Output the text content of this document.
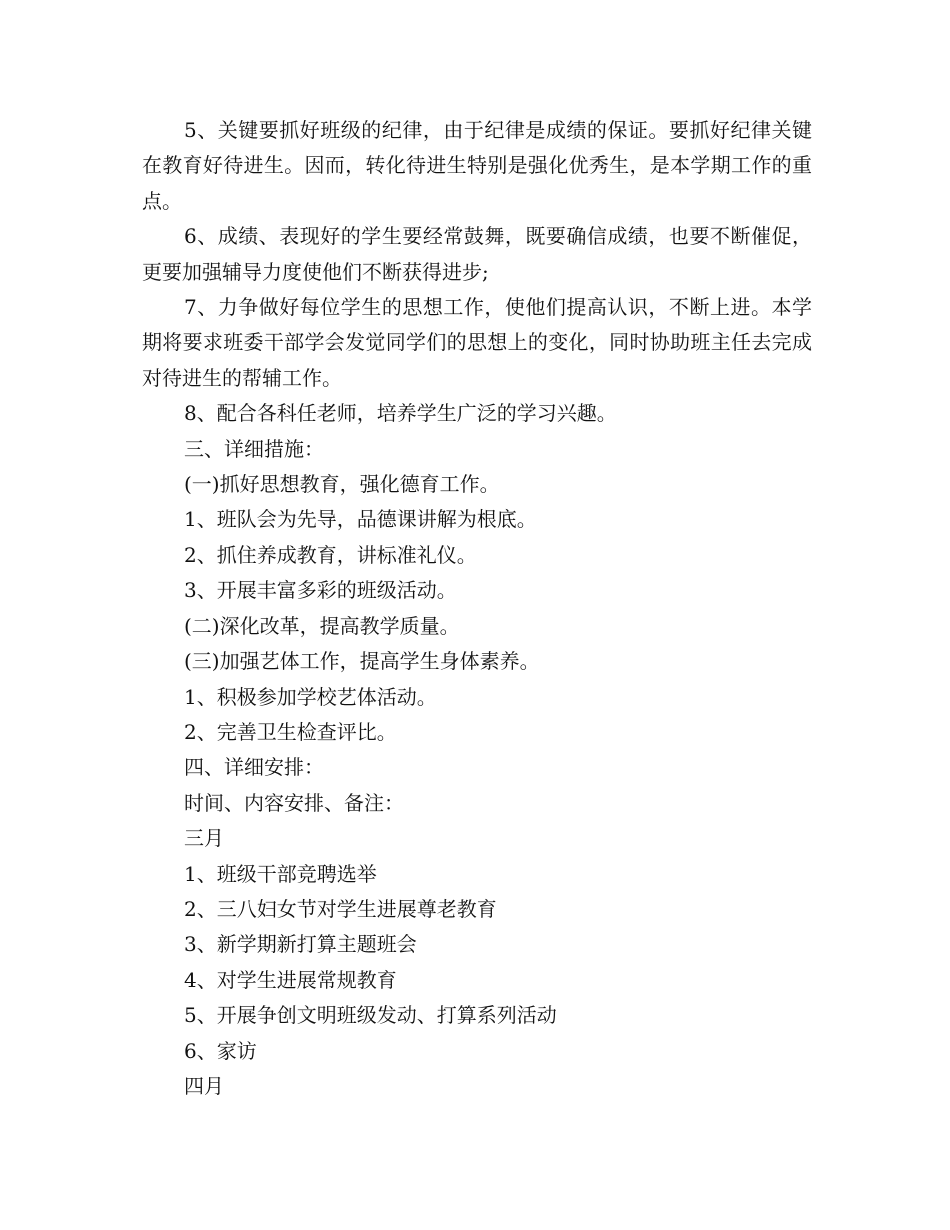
5、关键要抓好班级的纪律，由于纪律是成绩的保证。要抓好纪律关键在教育好待进生。因而，转化待进生特别是强化优秀生，是本学期工作的重点。

6、成绩、表现好的学生要经常鼓舞，既要确信成绩，也要不断催促，更要加强辅导力度使他们不断获得进步;

7、力争做好每位学生的思想工作，使他们提高认识，不断上进。本学期将要求班委干部学会发觉同学们的思想上的变化，同时协助班主任去完成对待进生的帮辅工作。

8、配合各科任老师，培养学生广泛的学习兴趣。

三、详细措施：

(一)抓好思想教育，强化德育工作。

1、班队会为先导，品德课讲解为根底。

2、抓住养成教育，讲标准礼仪。

3、开展丰富多彩的班级活动。

(二)深化改革，提高教学质量。

(三)加强艺体工作，提高学生身体素养。

1、积极参加学校艺体活动。

2、完善卫生检查评比。

四、详细安排：

时间、内容安排、备注：

三月

1、班级干部竞聘选举

2、三八妇女节对学生进展尊老教育

3、新学期新打算主题班会

4、对学生进展常规教育

5、开展争创文明班级发动、打算系列活动

6、家访

四月
